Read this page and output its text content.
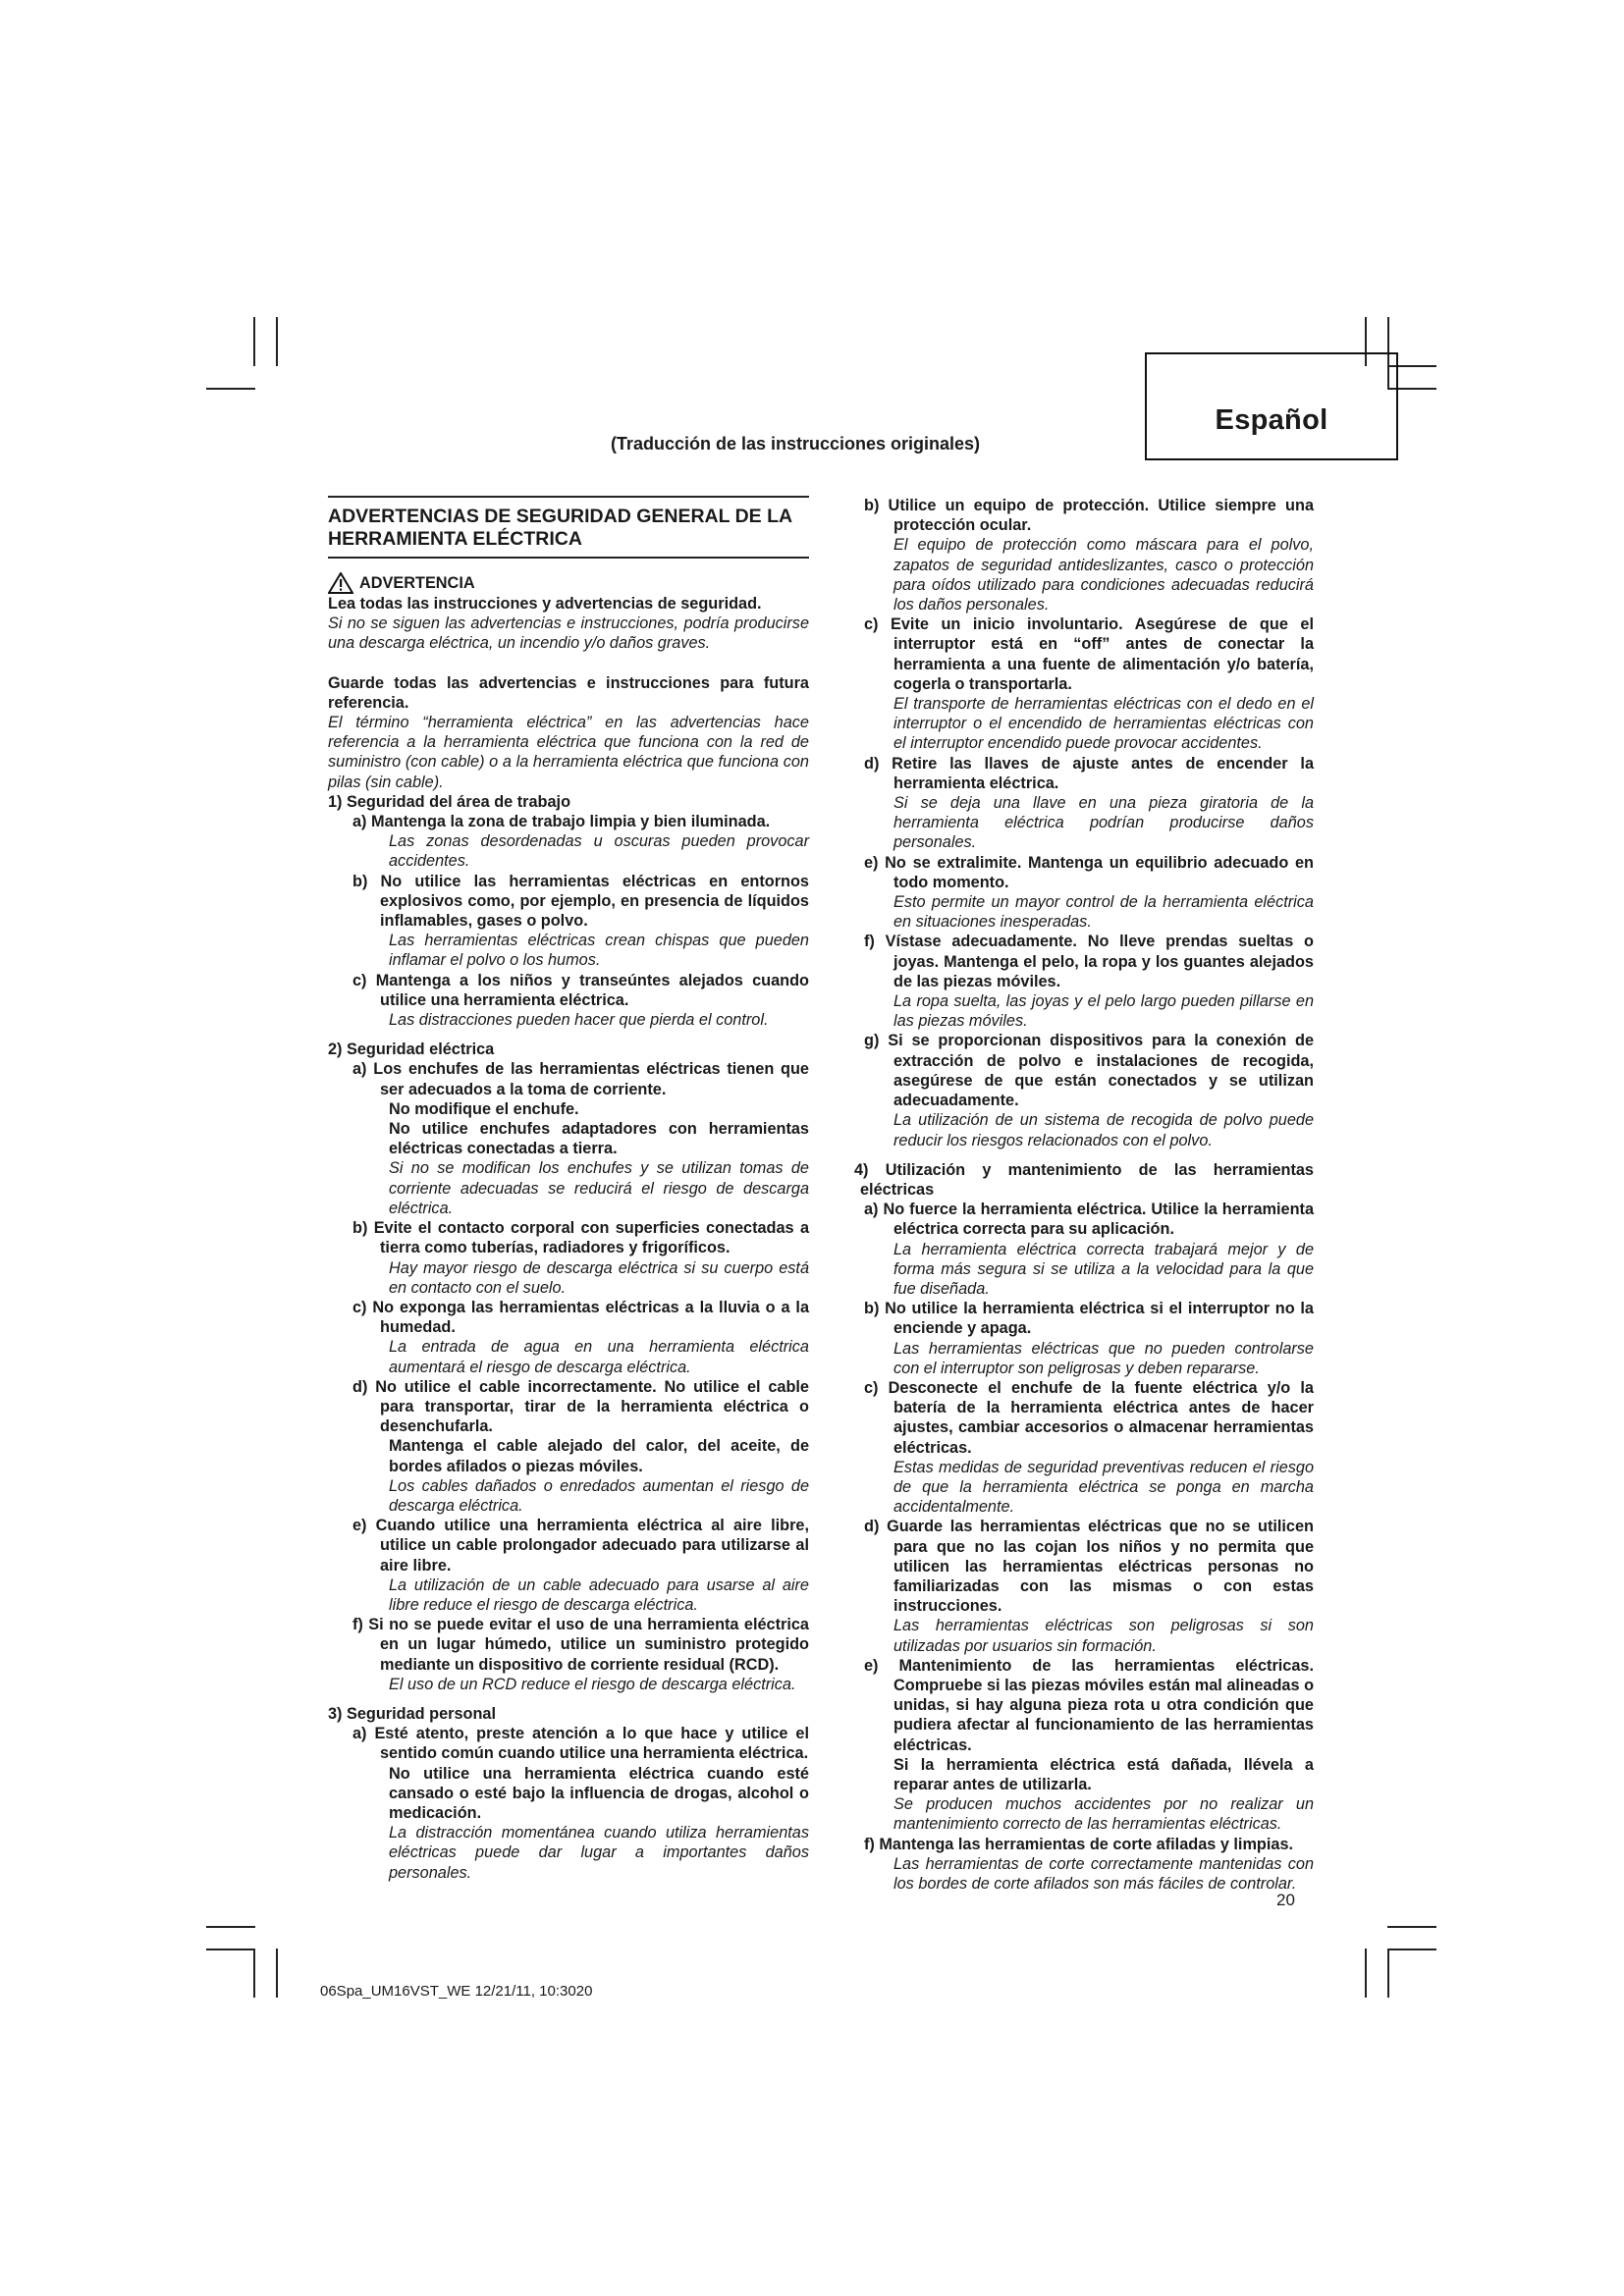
Español
(Traducción de las instrucciones originales)
ADVERTENCIAS DE SEGURIDAD GENERAL DE LA HERRAMIENTA ELÉCTRICA
ADVERTENCIA

Lea todas las instrucciones y advertencias de seguridad.

Si no se siguen las advertencias e instrucciones, podría producirse una descarga eléctrica, un incendio y/o daños graves.

Guarde todas las advertencias e instrucciones para futura referencia.

El término “herramienta eléctrica” en las advertencias hace referencia a la herramienta eléctrica que funciona con la red de suministro (con cable) o a la herramienta eléctrica que funciona con pilas (sin cable).

1) Seguridad del área de trabajo

a) Mantenga la zona de trabajo limpia y bien iluminada.

Las zonas desordenadas u oscuras pueden provocar accidentes.

b) No utilice las herramientas eléctricas en entornos explosivos como, por ejemplo, en presencia de líquidos inflamables, gases o polvo.

Las herramientas eléctricas crean chispas que pueden inflamar el polvo o los humos.

c) Mantenga a los niños y transeúntes alejados cuando utilice una herramienta eléctrica.

Las distracciones pueden hacer que pierda el control.

2) Seguridad eléctrica

a) Los enchufes de las herramientas eléctricas tienen que ser adecuados a la toma de corriente.

No modifique el enchufe.

No utilice enchufes adaptadores con herramientas eléctricas conectadas a tierra.

Si no se modifican los enchufes y se utilizan tomas de corriente adecuadas se reducirá el riesgo de descarga eléctrica.

b) Evite el contacto corporal con superficies conectadas a tierra como tuberías, radiadores y frigoríficos.

Hay mayor riesgo de descarga eléctrica si su cuerpo está en contacto con el suelo.

c) No exponga las herramientas eléctricas a la lluvia o a la humedad.

La entrada de agua en una herramienta eléctrica aumentará el riesgo de descarga eléctrica.

d) No utilice el cable incorrectamente. No utilice el cable para transportar, tirar de la herramienta eléctrica o desenchufarla.

Mantenga el cable alejado del calor, del aceite, de bordes afilados o piezas móviles.

Los cables dañados o enredados aumentan el riesgo de descarga eléctrica.

e) Cuando utilice una herramienta eléctrica al aire libre, utilice un cable prolongador adecuado para utilizarse al aire libre.

La utilización de un cable adecuado para usarse al aire libre reduce el riesgo de descarga eléctrica.

f) Si no se puede evitar el uso de una herramienta eléctrica en un lugar húmedo, utilice un suministro protegido mediante un dispositivo de corriente residual (RCD).

El uso de un RCD reduce el riesgo de descarga eléctrica.

3) Seguridad personal

a) Esté atento, preste atención a lo que hace y utilice el sentido común cuando utilice una herramienta eléctrica.

No utilice una herramienta eléctrica cuando esté cansado o esté bajo la influencia de drogas, alcohol o medicación.

La distracción momentánea cuando utiliza herramientas eléctricas puede dar lugar a importantes daños personales.

b) Utilice un equipo de protección. Utilice siempre una protección ocular.

El equipo de protección como máscara para el polvo, zapatos de seguridad antideslizantes, casco o protección para oídos utilizado para condiciones adecuadas reducirá los daños personales.

c) Evite un inicio involuntario. Asegúrese de que el interruptor está en “off” antes de conectar la herramienta a una fuente de alimentación y/o batería, cogerla o transportarla.

El transporte de herramientas eléctricas con el dedo en el interruptor o el encendido de herramientas eléctricas con el interruptor encendido puede provocar accidentes.

d) Retire las llaves de ajuste antes de encender la herramienta eléctrica.

Si se deja una llave en una pieza giratoria de la herramienta eléctrica podrían producirse daños personales.

e) No se extralimite. Mantenga un equilibrio adecuado en todo momento.

Esto permite un mayor control de la herramienta eléctrica en situaciones inesperadas.

f) Vístase adecuadamente. No lleve prendas sueltas o joyas. Mantenga el pelo, la ropa y los guantes alejados de las piezas móviles.

La ropa suelta, las joyas y el pelo largo pueden pillarse en las piezas móviles.

g) Si se proporcionan dispositivos para la conexión de extracción de polvo e instalaciones de recogida, asegúrese de que están conectados y se utilizan adecuadamente.

La utilización de un sistema de recogida de polvo puede reducir los riesgos relacionados con el polvo.

4) Utilización y mantenimiento de las herramientas eléctricas

a) No fuerce la herramienta eléctrica. Utilice la herramienta eléctrica correcta para su aplicación.

La herramienta eléctrica correcta trabajará mejor y de forma más segura si se utiliza a la velocidad para la que fue diseñada.

b) No utilice la herramienta eléctrica si el interruptor no la enciende y apaga.

Las herramientas eléctricas que no pueden controlarse con el interruptor son peligrosas y deben repararse.

c) Desconecte el enchufe de la fuente eléctrica y/o la batería de la herramienta eléctrica antes de hacer ajustes, cambiar accesorios o almacenar herramientas eléctricas.

Estas medidas de seguridad preventivas reducen el riesgo de que la herramienta eléctrica se ponga en marcha accidentalmente.

d) Guarde las herramientas eléctricas que no se utilicen para que no las cojan los niños y no permita que utilicen las herramientas eléctricas personas no familiarizadas con las mismas o con estas instrucciones.

Las herramientas eléctricas son peligrosas si son utilizadas por usuarios sin formación.

e) Mantenimiento de las herramientas eléctricas. Compruebe si las piezas móviles están mal alineadas o unidas, si hay alguna pieza rota u otra condición que pudiera afectar al funcionamiento de las herramientas eléctricas.

Si la herramienta eléctrica está dañada, llévela a reparar antes de utilizarla.

Se producen muchos accidentes por no realizar un mantenimiento correcto de las herramientas eléctricas.

f) Mantenga las herramientas de corte afiladas y limpias.

Las herramientas de corte correctamente mantenidas con los bordes de corte afilados son más fáciles de controlar.

20
06Spa_UM16VST_WE 12/21/11, 10:3020
